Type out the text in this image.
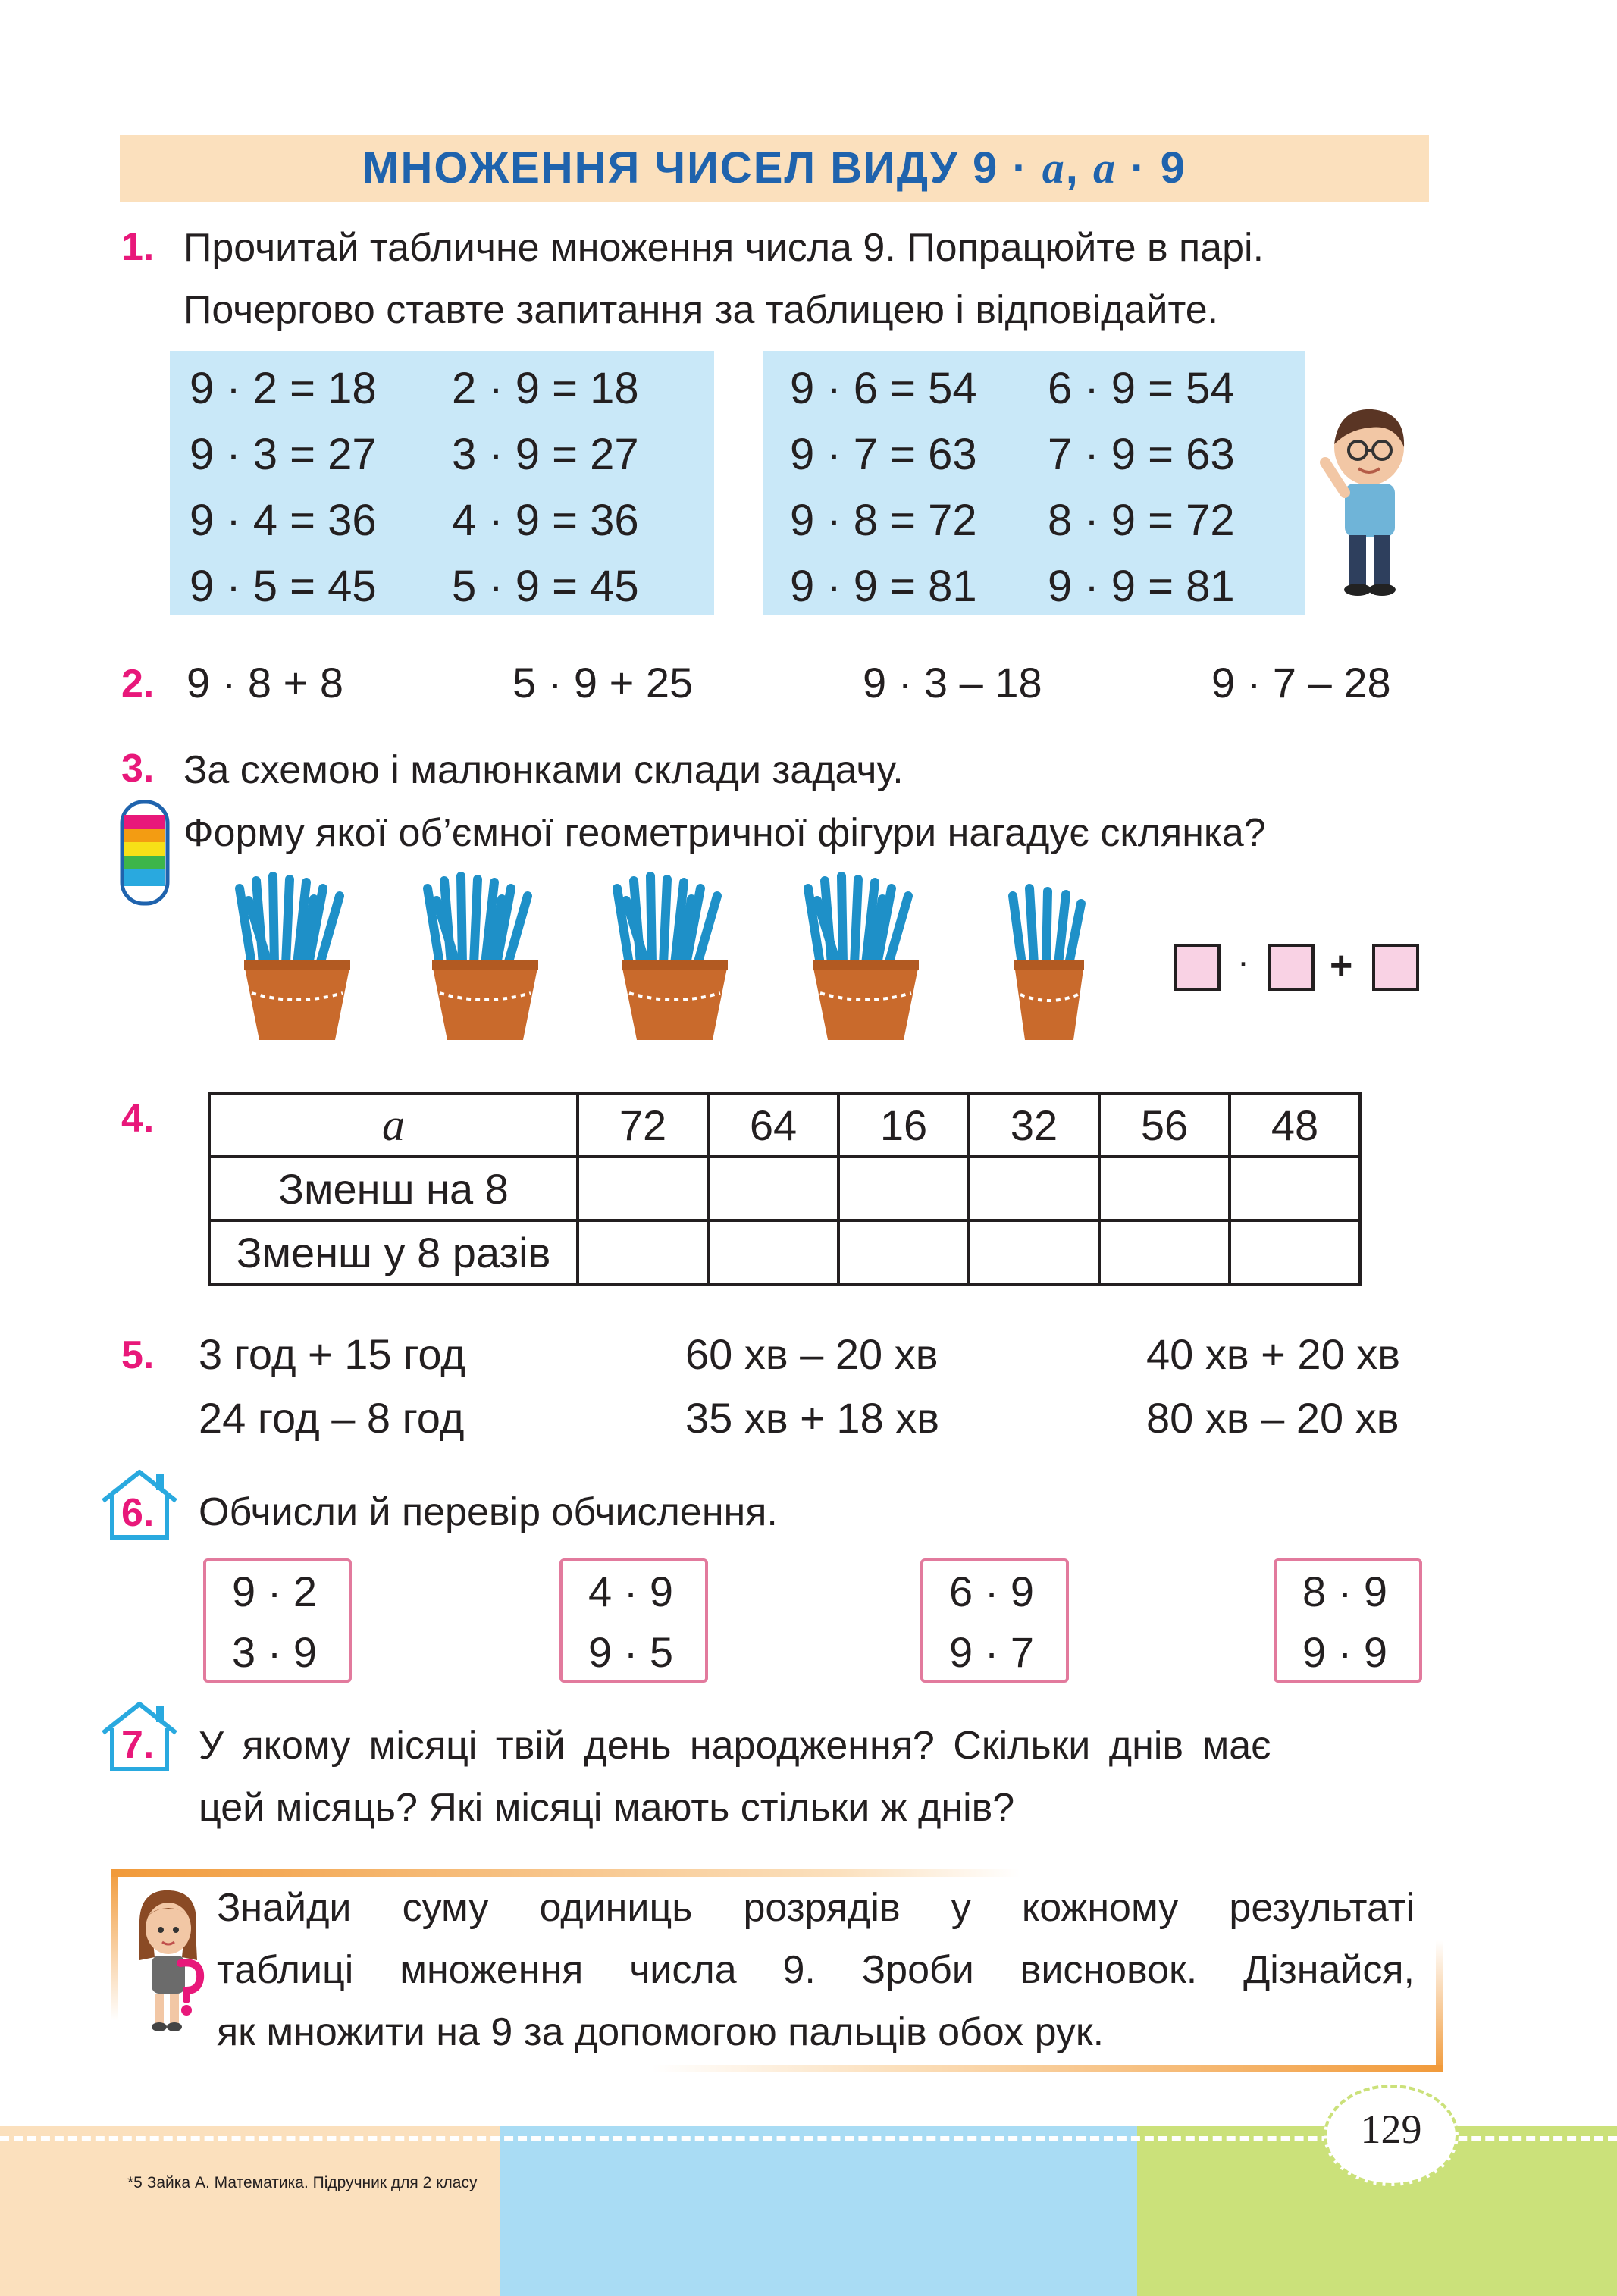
МНОЖЕННЯ ЧИСЕЛ ВИДУ 9 · a, a · 9
1. Прочитай табличне множення числа 9. Попрацюйте в парі.
Почергово ставте запитання за таблицею і відповідайте.
9 · 2 = 18	2 · 9 = 18
9 · 3 = 27	3 · 9 = 27
9 · 4 = 36	4 · 9 = 36
9 · 5 = 45	5 · 9 = 45
9 · 6 = 54	6 · 9 = 54
9 · 7 = 63	7 · 9 = 63
9 · 8 = 72	8 · 9 = 72
9 · 9 = 81	9 · 9 = 81
2. 9 · 8 + 8	5 · 9 + 25	9 · 3 – 18	9 · 7 – 28
3. За схемою і малюнками склади задачу.
Форму якої об’ємної геометричної фігури нагадує склянка?
· +
4.	a	72	64	16	32	56	48
Зменш на 8						
Зменш у 8 разів						
5. 3 год + 15 год	60 хв – 20 хв	40 хв + 20 хв
24 год – 8 год	35 хв + 18 хв	80 хв – 20 хв
6. Обчисли й перевір обчислення.
9 · 2
3 · 9
4 · 9
9 · 5
6 · 9
9 · 7
8 · 9
9 · 9
7. У якому місяці твій день народження? Скільки днів має
цей місяць? Які місяці мають стільки ж днів?
Знайди суму одиниць розрядів у кожному результаті
таблиці множення числа 9. Зроби висновок. Дізнайся,
як множити на 9 за допомогою пальців обох рук.
129
*5 Зайка А. Математика. Підручник для 2 класу
